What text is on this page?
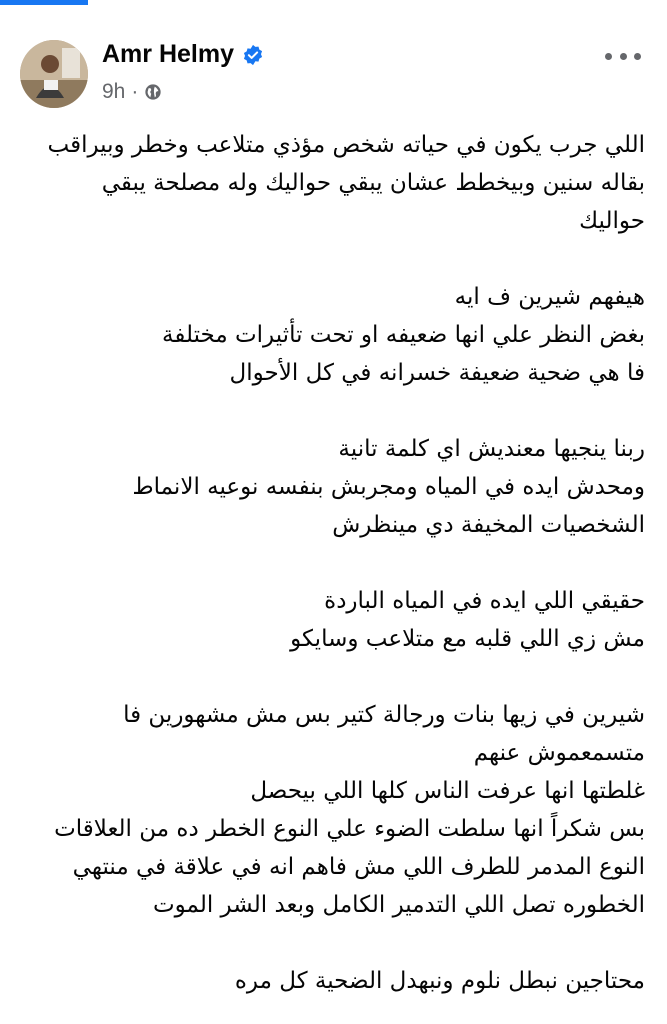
Amr Helmy
9h ·

اللي جرب يكون في حياته شخص مؤذي متلاعب وخطر وبيراقب
بقاله سنين وبيخطط عشان يبقي حواليك وله مصلحة يبقي
حواليك

هيفهم شيرين ف ايه
بغض النظر علي انها ضعيفه او تحت تأثيرات مختلفة
فا هي ضحية ضعيفة خسرانه في كل الأحوال

ربنا ينجيها معنديش اي كلمة تانية
ومحدش ايده في المياه ومجربش بنفسه نوعيه الانماط
الشخصيات المخيفة دي مينظرش

حقيقي اللي ايده في المياه الباردة
مش زي اللي قلبه مع متلاعب وسايكو

شيرين في زيها بنات ورجالة كتير بس مش مشهورين فا
متسمعموش عنهم
غلطتها انها عرفت الناس كلها اللي بيحصل
بس شكراً انها سلطت الضوء علي النوع الخطر ده من العلاقات
النوع المدمر للطرف اللي مش فاهم انه في علاقة في منتهي
الخطوره تصل اللي التدمير الكامل وبعد الشر الموت

محتاجين نبطل نلوم ونبهدل الضحية كل مره
